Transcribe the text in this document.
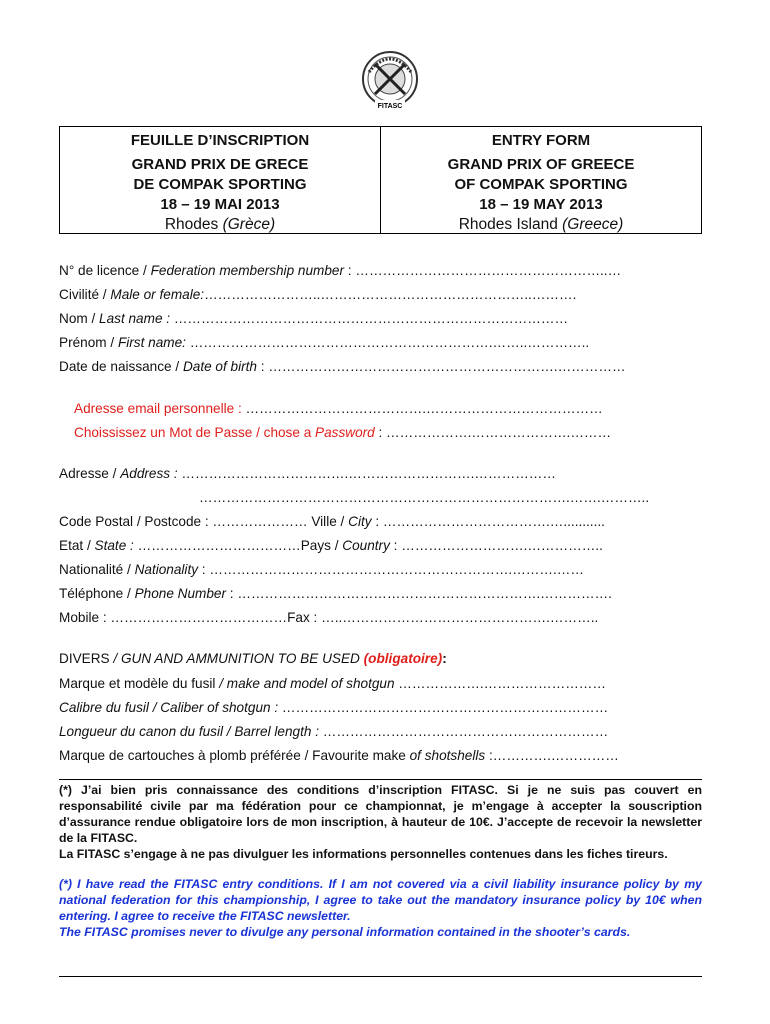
FITASC
FEUILLE D’INSCRIPTION
GRAND PRIX DE GRECE
DE COMPAK SPORTING
18 – 19 MAI 2013
Rhodes (Grèce)
ENTRY FORM
GRAND PRIX OF GREECE
OF COMPAK SPORTING
18 – 19 MAY 2013
Rhodes Island (Greece)
N° de licence / Federation membership number : ………………………………………………..…
Civilité / Male or female:……………………..………………………………………..……….
Nom / Last name : ……………………………………………………………………………
Prénom / First name: ………………………………………………………….……..…………..
Date de naissance / Date of birth : ……………………………………………………….……………
Adresse email personnelle : ………………………………….…………………………………
Choississez un Mot de Passe / chose a Password : ……………….………………….………
Adresse / Address : ……………………………….……………………….………………
……………………………………………………………………….…….………..
Code Postal / Postcode : ………………… Ville / City : ……………………………….…...........
Etat / State : ………………………………Pays / Country : ……………………….……………..
Nationalité / Nationality : ………………………………………………………….……….……
Téléphone / Phone Number : ………………………………………………………….…………….
Mobile : …………………………………Fax : …..……………………………………….………..
DIVERS / GUN AND AMMUNITION TO BE USED (obligatoire):
Marque et modèle du fusil / make and model of shotgun ……………….………………………
Calibre du fusil / Caliber of shotgun : ………………………………………………………………
Longueur du canon du fusil / Barrel length : ………………………………………………………
Marque de cartouches à plomb préférée / Favourite make of shotshells :………….……………
(*) J’ai bien pris connaissance des conditions d’inscription FITASC. Si je ne suis pas couvert en responsabilité civile par ma fédération pour ce championnat, je m’engage à accepter la souscription d’assurance rendue obligatoire lors de mon inscription, à hauteur de 10€. J’accepte de recevoir la newsletter de la FITASC.
La FITASC s’engage à ne pas divulguer les informations personnelles contenues dans les fiches tireurs.
(*) I have read the FITASC entry conditions. If I am not covered via a civil liability insurance policy by my national federation for this championship, I agree to take out the mandatory insurance policy by 10€ when entering. I agree to receive the FITASC newsletter.
The FITASC promises never to divulge any personal information contained in the shooter’s cards.
